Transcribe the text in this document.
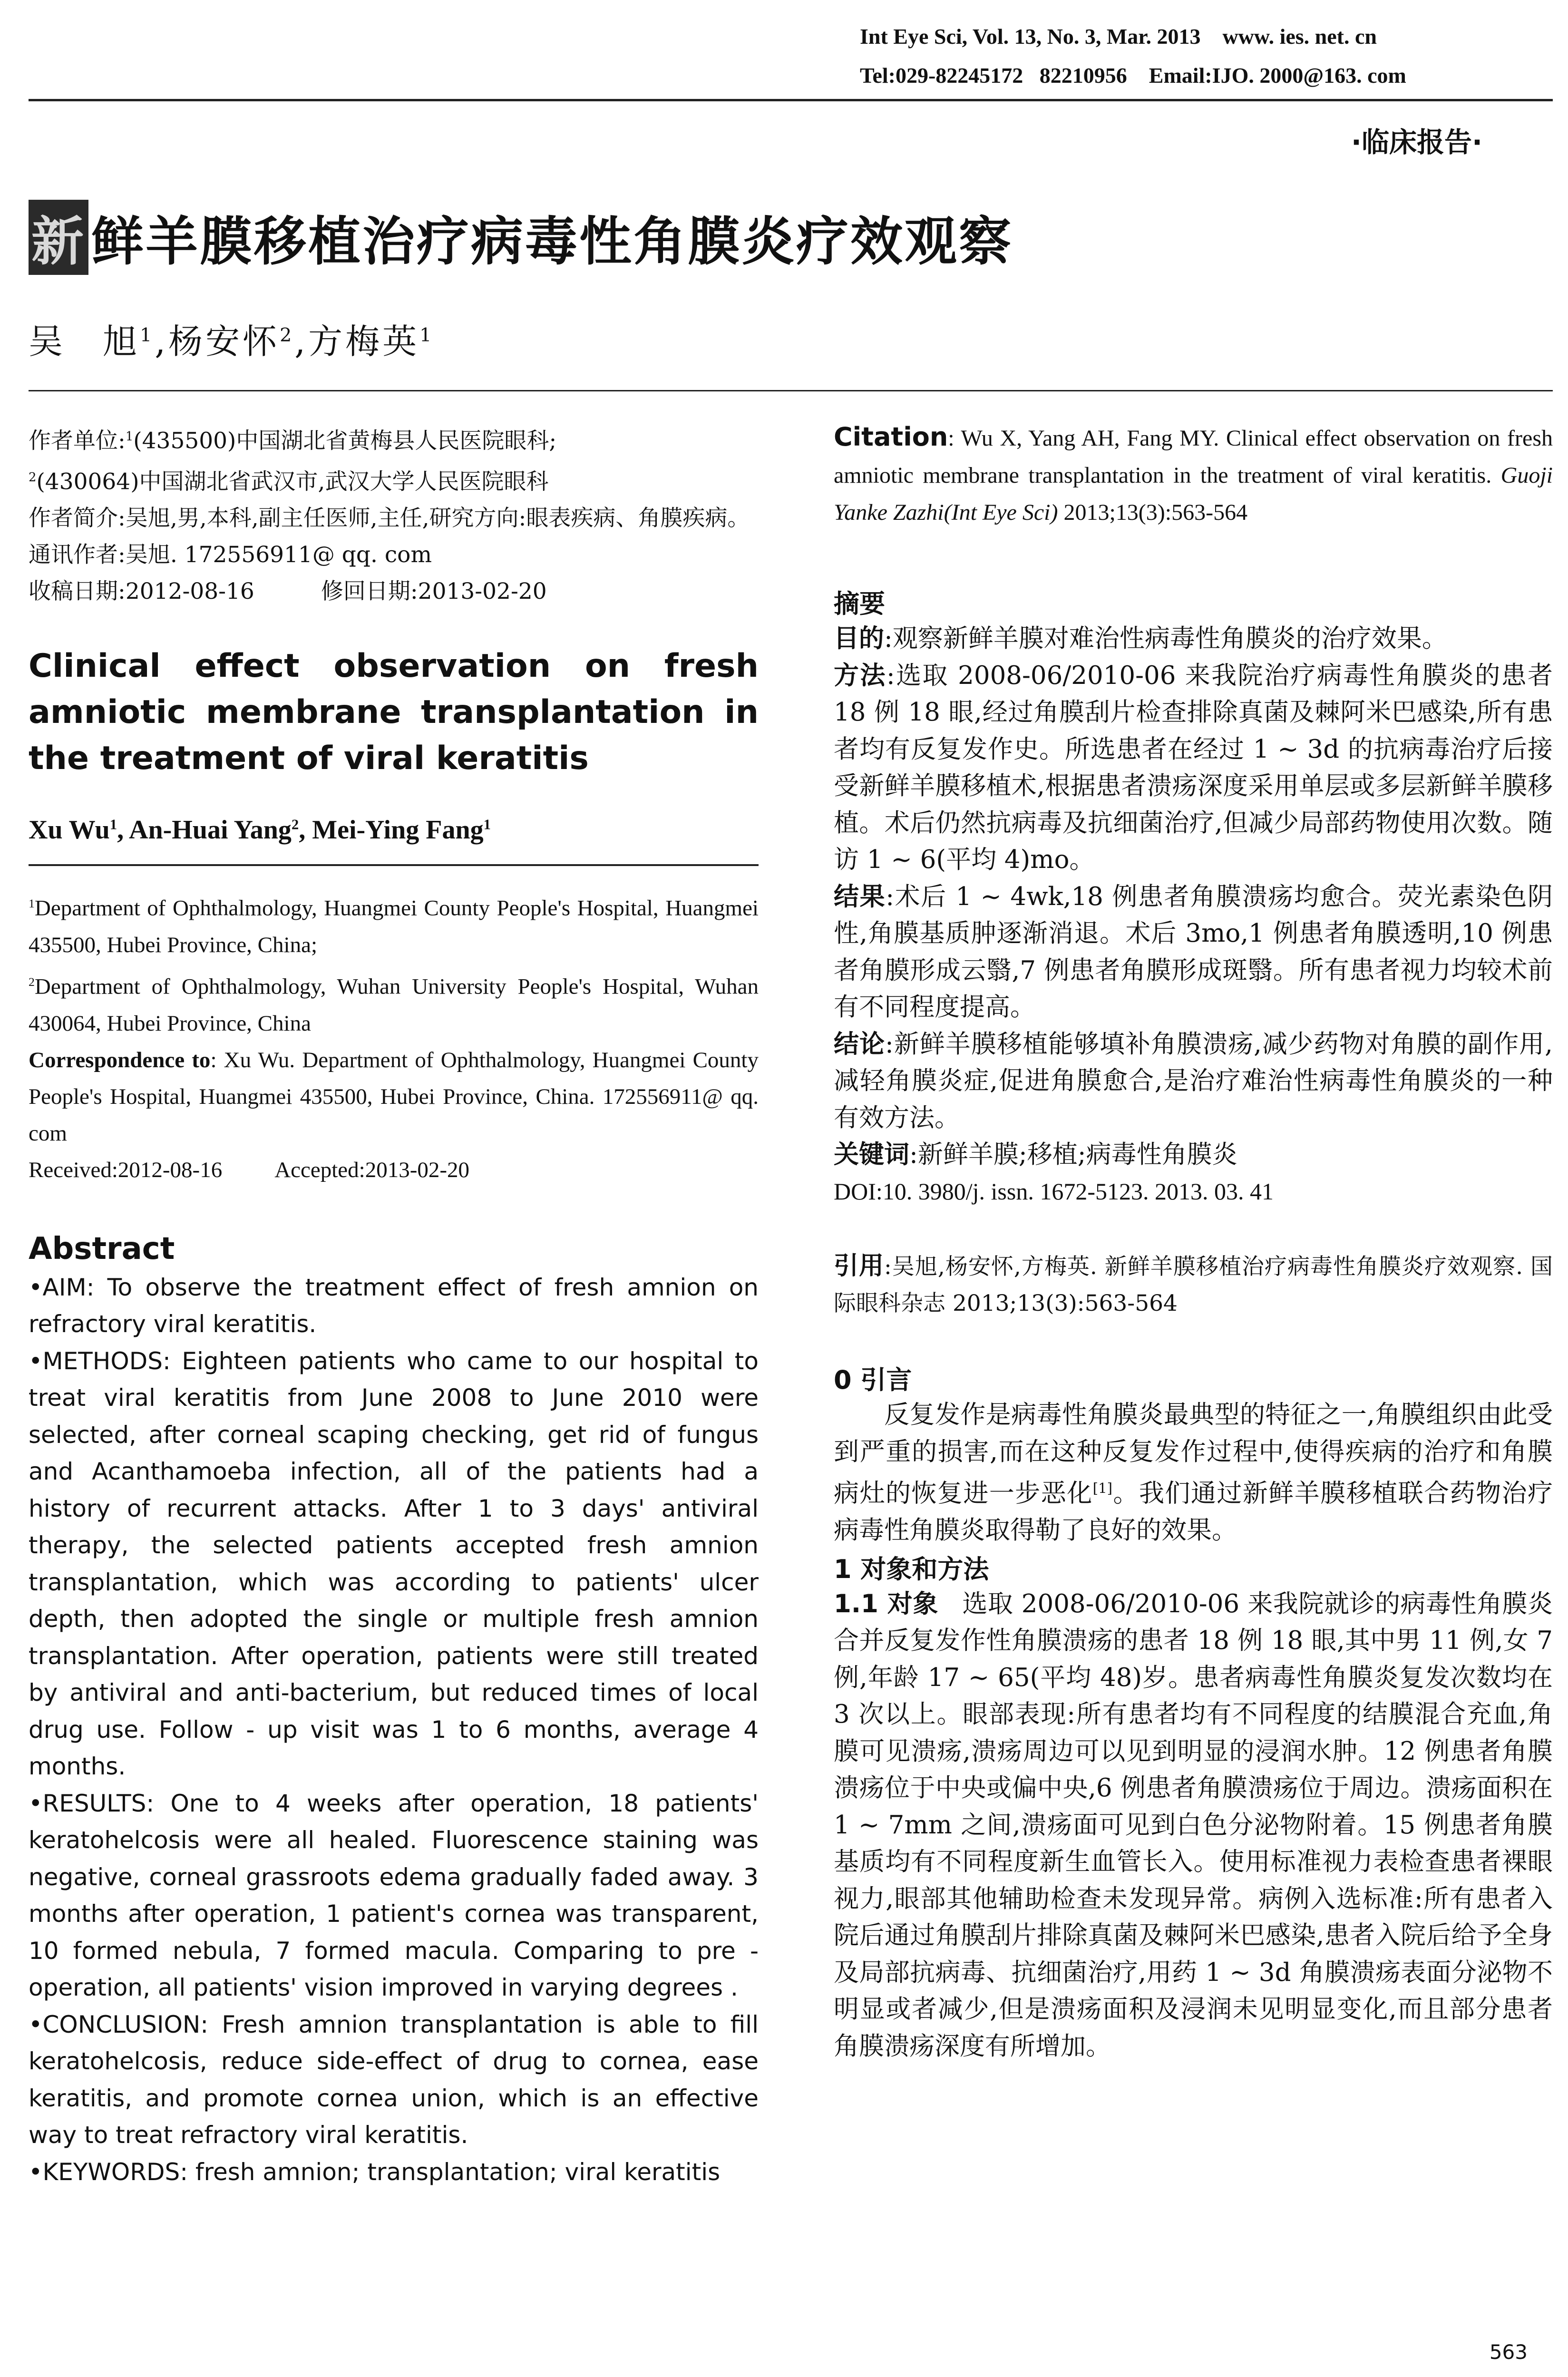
Int Eye Sci, Vol. 13, No. 3, Mar. 2013    www. ies. net. cn
Tel:029-82245172   82210956    Email:IJO. 2000@163. com
·临床报告·
新 鲜羊膜移植治疗病毒性角膜炎疗效观察
吴　旭$^1$,杨安怀$^2$,方梅英$^1$
作者单位:$^1$(435500)中国湖北省黄梅县人民医院眼科;
$^2$(430064)中国湖北省武汉市,武汉大学人民医院眼科
作者简介:吴旭,男,本科,副主任医师,主任,研究方向:眼表疾病、角膜疾病。
通讯作者:吴旭. 172556911@ qq. com
收稿日期:2012-08-16	修回日期:2013-02-20
Clinical effect observation on fresh amniotic membrane transplantation in the treatment of viral keratitis
Xu Wu$^1$, An-Huai Yang$^2$, Mei-Ying Fang$^1$
$^1$Department of Ophthalmology, Huangmei County People's Hospital, Huangmei 435500, Hubei Province, China;
$^2$Department of Ophthalmology, Wuhan University People's Hospital, Wuhan 430064, Hubei Province, China
Correspondence to: Xu Wu. Department of Ophthalmology, Huangmei County People's Hospital, Huangmei 435500, Hubei Province, China. 172556911@ qq. com
Received:2012-08-16 Accepted:2013-02-20
Abstract
•AIM: To observe the treatment effect of fresh amnion on refractory viral keratitis.
•METHODS: Eighteen patients who came to our hospital to treat viral keratitis from June 2008 to June 2010 were selected, after corneal scaping checking, get rid of fungus and Acanthamoeba infection, all of the patients had a history of recurrent attacks. After 1 to 3 days' antiviral therapy, the selected patients accepted fresh amnion transplantation, which was according to patients' ulcer depth, then adopted the single or multiple fresh amnion transplantation. After operation, patients were still treated by antiviral and anti-bacterium, but reduced times of local drug use. Follow - up visit was 1 to 6 months, average 4 months.
•RESULTS: One to 4 weeks after operation, 18 patients' keratohelcosis were all healed. Fluorescence staining was negative, corneal grassroots edema gradually faded away. 3 months after operation, 1 patient's cornea was transparent, 10 formed nebula, 7 formed macula. Comparing to pre - operation, all patients' vision improved in varying degrees .
•CONCLUSION: Fresh amnion transplantation is able to fill keratohelcosis, reduce side-effect of drug to cornea, ease keratitis, and promote cornea union, which is an effective way to treat refractory viral keratitis.
•KEYWORDS: fresh amnion; transplantation; viral keratitis
Citation: Wu X, Yang AH, Fang MY. Clinical effect observation on fresh amniotic membrane transplantation in the treatment of viral keratitis. Guoji Yanke Zazhi(Int Eye Sci) 2013;13(3):563-564
摘要
目的:观察新鲜羊膜对难治性病毒性角膜炎的治疗效果。
方法:选取 2008-06/2010-06 来我院治疗病毒性角膜炎的患者 18 例 18 眼,经过角膜刮片检查排除真菌及棘阿米巴感染,所有患者均有反复发作史。所选患者在经过 1 ~ 3d 的抗病毒治疗后接受新鲜羊膜移植术,根据患者溃疡深度采用单层或多层新鲜羊膜移植。术后仍然抗病毒及抗细菌治疗,但减少局部药物使用次数。随访 1 ~ 6(平均 4)mo。
结果:术后 1 ~ 4wk,18 例患者角膜溃疡均愈合。荧光素染色阴性,角膜基质肿逐渐消退。术后 3mo,1 例患者角膜透明,10 例患者角膜形成云翳,7 例患者角膜形成斑翳。所有患者视力均较术前有不同程度提高。
结论:新鲜羊膜移植能够填补角膜溃疡,减少药物对角膜的副作用,减轻角膜炎症,促进角膜愈合,是治疗难治性病毒性角膜炎的一种有效方法。
关键词:新鲜羊膜;移植;病毒性角膜炎
DOI:10. 3980/j. issn. 1672-5123. 2013. 03. 41
引用:吴旭,杨安怀,方梅英. 新鲜羊膜移植治疗病毒性角膜炎疗效观察. 国际眼科杂志 2013;13(3):563-564
0 引言
反复发作是病毒性角膜炎最典型的特征之一,角膜组织由此受到严重的损害,而在这种反复发作过程中,使得疾病的治疗和角膜病灶的恢复进一步恶化[1]。我们通过新鲜羊膜移植联合药物治疗病毒性角膜炎取得勒了良好的效果。
1 对象和方法
1.1 对象 选取 2008-06/2010-06 来我院就诊的病毒性角膜炎合并反复发作性角膜溃疡的患者 18 例 18 眼,其中男 11 例,女 7 例,年龄 17 ~ 65(平均 48)岁。患者病毒性角膜炎复发次数均在 3 次以上。眼部表现:所有患者均有不同程度的结膜混合充血,角膜可见溃疡,溃疡周边可以见到明显的浸润水肿。12 例患者角膜溃疡位于中央或偏中央,6 例患者角膜溃疡位于周边。溃疡面积在 1 ~ 7mm 之间,溃疡面可见到白色分泌物附着。15 例患者角膜基质均有不同程度新生血管长入。使用标准视力表检查患者裸眼视力,眼部其他辅助检查未发现异常。病例入选标准:所有患者入院后通过角膜刮片排除真菌及棘阿米巴感染,患者入院后给予全身及局部抗病毒、抗细菌治疗,用药 1 ~ 3d 角膜溃疡表面分泌物不明显或者减少,但是溃疡面积及浸润未见明显变化,而且部分患者角膜溃疡深度有所增加。
563
